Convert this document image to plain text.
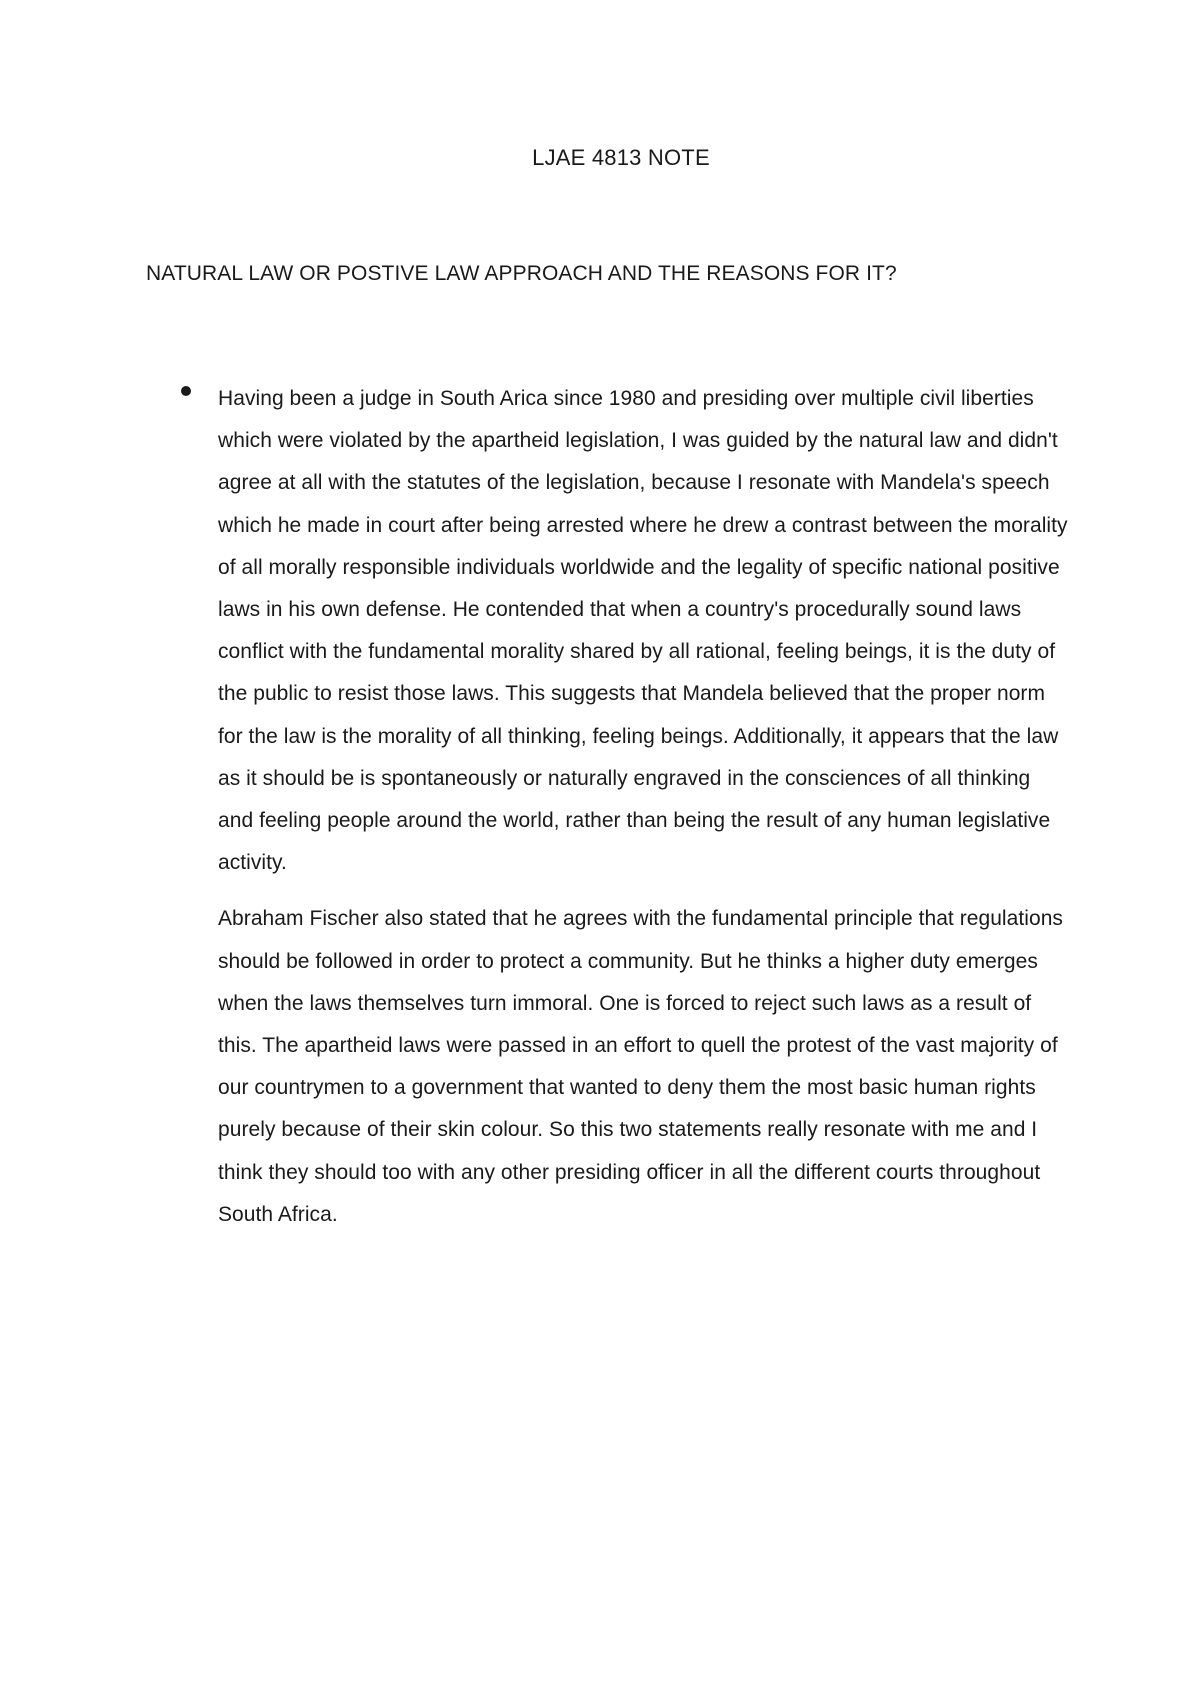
LJAE 4813 NOTE
NATURAL LAW OR POSTIVE LAW APPROACH AND THE REASONS FOR IT?

Having been a judge in South Arica since 1980 and presiding over multiple civil liberties which were violated by the apartheid legislation, I was guided by the natural law and didn't agree at all with the statutes of the legislation, because I resonate with Mandela's speech which he made in court after being arrested where he drew a contrast between the morality of all morally responsible individuals worldwide and the legality of specific national positive laws in his own defense. He contended that when a country's procedurally sound laws conflict with the fundamental morality shared by all rational, feeling beings, it is the duty of the public to resist those laws. This suggests that Mandela believed that the proper norm for the law is the morality of all thinking, feeling beings. Additionally, it appears that the law as it should be is spontaneously or naturally engraved in the consciences of all thinking and feeling people around the world, rather than being the result of any human legislative activity.

Abraham Fischer also stated that he agrees with the fundamental principle that regulations should be followed in order to protect a community. But he thinks a higher duty emerges when the laws themselves turn immoral. One is forced to reject such laws as a result of this. The apartheid laws were passed in an effort to quell the protest of the vast majority of our countrymen to a government that wanted to deny them the most basic human rights purely because of their skin colour. So this two statements really resonate with me and I think they should too with any other presiding officer in all the different courts throughout South Africa.
